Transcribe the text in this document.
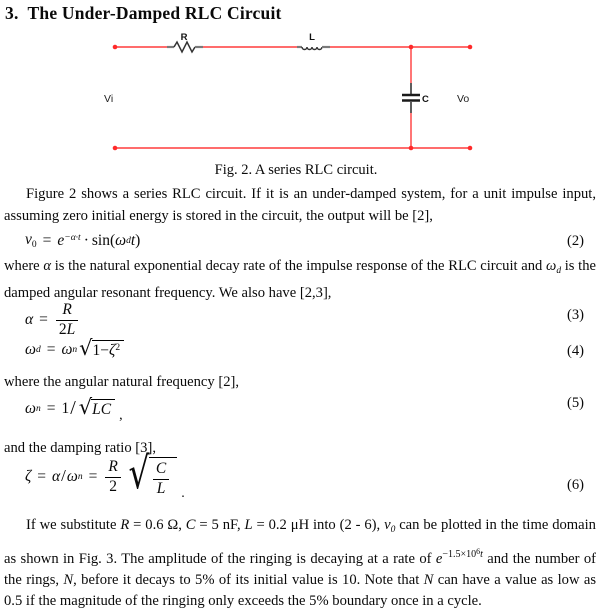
3. The Under-Damped RLC Circuit
R	L
C
Vi	Vo
Fig. 2. A series RLC circuit.

Figure 2 shows a series RLC circuit. If it is an under-damped system, for a unit impulse input, assuming zero initial energy is stored in the circuit, the output will be [2],

$v_0 = e^{-\alpha\cdot t} \cdot \sin$( ω d t )	(2)

where α is the natural exponential decay rate of the impulse response of the RLC circuit and $\omega_d$ is the damped angular resonant frequency. We also have [2,3],

$\alpha = \frac{R}{2L}$	(3)
ω d = ω n √ $1-\zeta^2$	(4)

where the angular natural frequency [2],

ω n = 1 / √ LC ,
(5)

and the damping ratio [3],

ζ = α / ω $n = \frac{R}{2}$ √ $\frac{C}{L}$ .
(6)

If we substitute R = 0.6 Ω, C = 5 nF, L = 0.2 μH into (2 - 6), $v_0$ can be plotted in the time domain as shown in Fig. 3. The amplitude of the ringing is decaying at a rate of $e^{-1.5\times 10^6t}$ and the number of the rings, N, before it decays to 5% of its initial value is 10. Note that N can have a value as low as 0.5 if the magnitude of the ringing only exceeds the 5% boundary once in a cycle.
